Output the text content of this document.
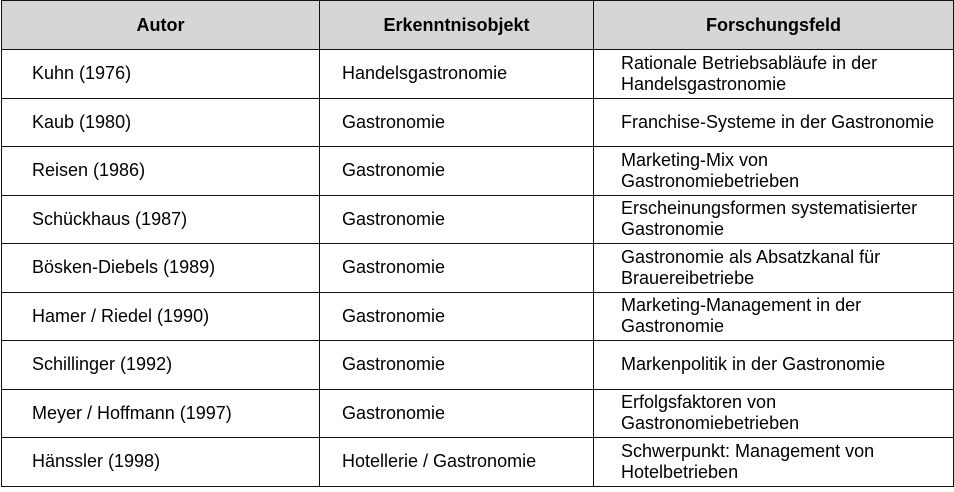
Autor	Erkenntnisobjekt	Forschungsfeld
Kuhn (1976)	Handelsgastronomie	Rationale Betriebsabläufe in der Handelsgastronomie
Kaub (1980)	Gastronomie	Franchise-Systeme in der Gastronomie
Reisen (1986)	Gastronomie	Marketing-Mix von Gastronomiebetrieben
Schückhaus (1987)	Gastronomie	Erscheinungsformen systematisierter Gastronomie
Bösken-Diebels (1989)	Gastronomie	Gastronomie als Absatzkanal für Brauereibetriebe
Hamer / Riedel (1990)	Gastronomie	Marketing-Management in der Gastronomie
Schillinger (1992)	Gastronomie	Markenpolitik in der Gastronomie
Meyer / Hoffmann (1997)	Gastronomie	Erfolgsfaktoren von Gastronomiebetrieben
Hänssler (1998)	Hotellerie / Gastronomie	Schwerpunkt: Management von Hotelbetrieben
